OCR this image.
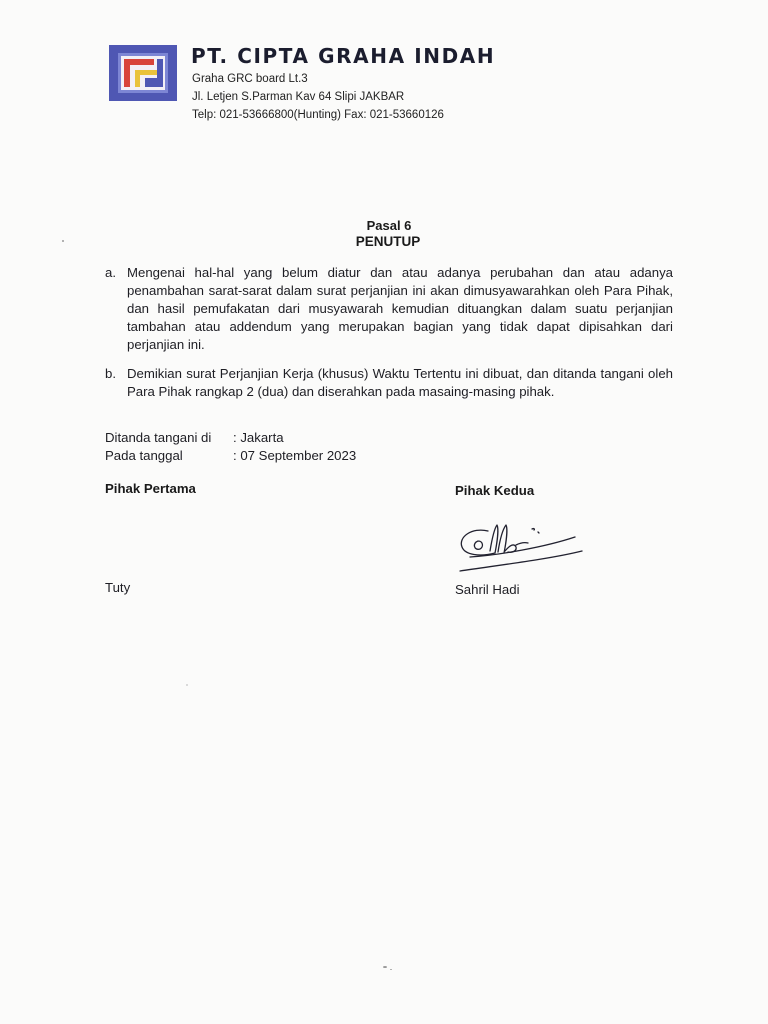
PT. CIPTA GRAHA INDAH
Graha GRC board Lt.3
Jl. Letjen S.Parman Kav 64 Slipi JAKBAR
Telp: 021-53666800(Hunting) Fax: 021-53660126
Pasal 6
PENUTUP
a. Mengenai hal-hal yang belum diatur dan atau adanya perubahan dan atau adanya penambahan sarat-sarat dalam surat perjanjian ini akan dimusyawarahkan oleh Para Pihak, dan hasil pemufakatan dari musyawarah kemudian dituangkan dalam suatu perjanjian tambahan atau addendum yang merupakan bagian yang tidak dapat dipisahkan dari perjanjian ini.
b. Demikian surat Perjanjian Kerja (khusus) Waktu Tertentu ini dibuat, dan ditanda tangani oleh Para Pihak rangkap 2 (dua) dan diserahkan pada masaing-masing pihak.
Ditanda tangani di : Jakarta
Pada tanggal	: 07 September 2023
Pihak Pertama	Pihak Kedua
Tuty	Sahril Hadi
